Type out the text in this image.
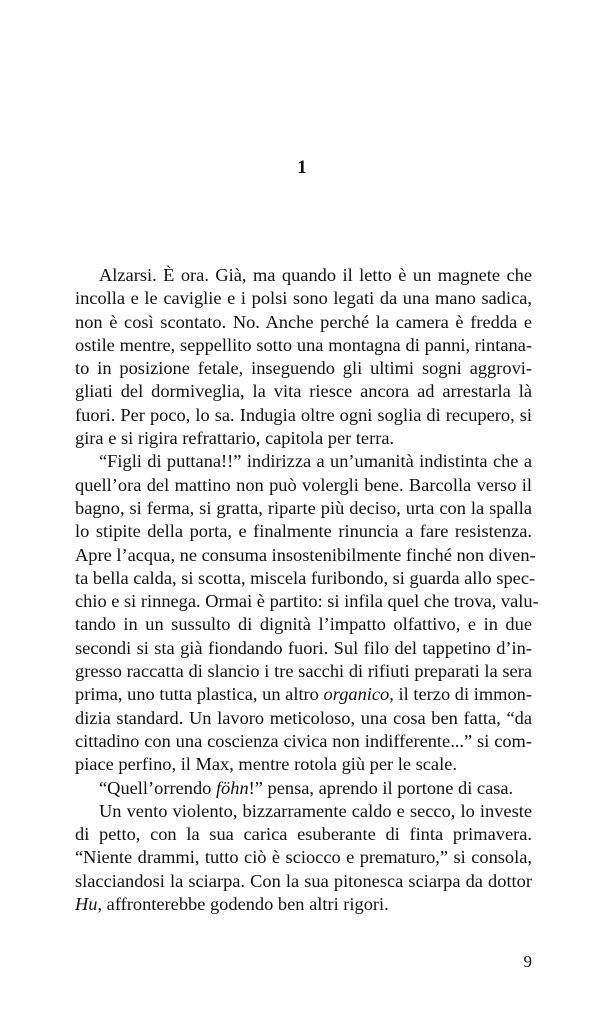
1
Alzarsi. È ora. Già, ma quando il letto è un magnete che
incolla e le caviglie e i polsi sono legati da una mano sadica,
non è così scontato. No. Anche perché la camera è fredda e
ostile mentre, seppellito sotto una montagna di panni, rintana-
to in posizione fetale, inseguendo gli ultimi sogni aggrovi-
gliati del dormiveglia, la vita riesce ancora ad arrestarla là
fuori. Per poco, lo sa. Indugia oltre ogni soglia di recupero, si
gira e si rigira refrattario, capitola per terra.
“Figli di puttana!!” indirizza a un’umanità indistinta che a
quell’ora del mattino non può volergli bene. Barcolla verso il
bagno, si ferma, si gratta, riparte più deciso, urta con la spalla
lo stipite della porta, e finalmente rinuncia a fare resistenza.
Apre l’acqua, ne consuma insostenibilmente finché non diven-
ta bella calda, si scotta, miscela furibondo, si guarda allo spec-
chio e si rinnega. Ormai è partito: si infila quel che trova, valu-
tando in un sussulto di dignità l’impatto olfattivo, e in due
secondi si sta già fiondando fuori. Sul filo del tappetino d’in-
gresso raccatta di slancio i tre sacchi di rifiuti preparati la sera
prima, uno tutta plastica, un altro organico, il terzo di immon-
dizia standard. Un lavoro meticoloso, una cosa ben fatta, “da
cittadino con una coscienza civica non indifferente...” si com-
piace perfino, il Max, mentre rotola giù per le scale.
“Quell’orrendo föhn!” pensa, aprendo il portone di casa.
Un vento violento, bizzarramente caldo e secco, lo investe
di petto, con la sua carica esuberante di finta primavera.
“Niente drammi, tutto ciò è sciocco e prematuro,” si consola,
slacciandosi la sciarpa. Con la sua pitonesca sciarpa da dottor
Hu, affronterebbe godendo ben altri rigori.
9
